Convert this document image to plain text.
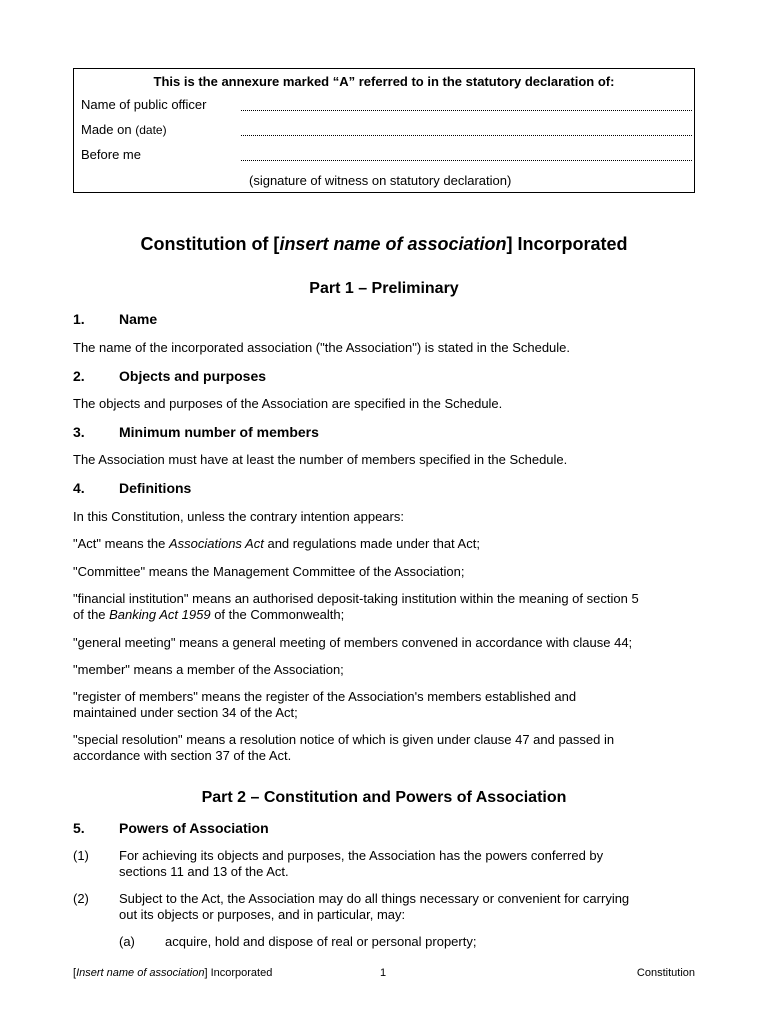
This is the annexure marked “A” referred to in the statutory declaration of:
Name of public officer
Made on (date)
Before me
(signature of witness on statutory declaration)
Constitution of [insert name of association] Incorporated
Part 1 – Preliminary
1. Name
The name of the incorporated association ("the Association") is stated in the Schedule.
2. Objects and purposes
The objects and purposes of the Association are specified in the Schedule.
3. Minimum number of members
The Association must have at least the number of members specified in the Schedule.
4. Definitions
In this Constitution, unless the contrary intention appears:
"Act" means the Associations Act and regulations made under that Act;
"Committee" means the Management Committee of the Association;
"financial institution" means an authorised deposit-taking institution within the meaning of section 5
of the Banking Act 1959 of the Commonwealth;
"general meeting" means a general meeting of members convened in accordance with clause 44;
"member" means a member of the Association;
"register of members" means the register of the Association's members established and
maintained under section 34 of the Act;
"special resolution" means a resolution notice of which is given under clause 47 and passed in
accordance with section 37 of the Act.
Part 2 – Constitution and Powers of Association
5. Powers of Association
(1) For achieving its objects and purposes, the Association has the powers conferred by
sections 11 and 13 of the Act.
(2) Subject to the Act, the Association may do all things necessary or convenient for carrying
out its objects or purposes, and in particular, may:
(a) acquire, hold and dispose of real or personal property;
[Insert name of association] Incorporated	1	Constitution
